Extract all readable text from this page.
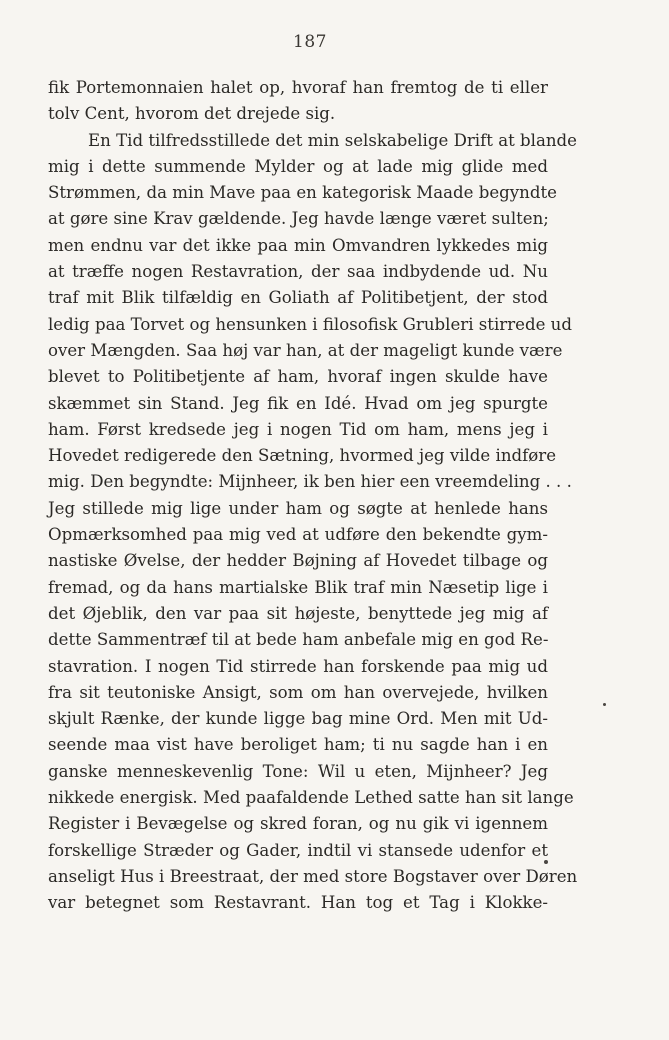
187
fik Portemonnaien halet op, hvoraf han fremtog de ti eller
tolv Cent, hvorom det drejede sig.
En Tid tilfredsstillede det min selskabelige Drift at blande
mig i dette summende Mylder og at lade mig glide med
Strømmen, da min Mave paa en kategorisk Maade begyndte
at gøre sine Krav gældende. Jeg havde længe været sulten;
men endnu var det ikke paa min Omvandren lykkedes mig
at træffe nogen Restavration, der saa indbydende ud. Nu
traf mit Blik tilfældig en Goliath af Politibetjent, der stod
ledig paa Torvet og hensunken i filosofisk Grubleri stirrede ud
over Mængden. Saa høj var han, at der mageligt kunde være
blevet to Politibetjente af ham, hvoraf ingen skulde have
skæmmet sin Stand. Jeg fik en Idé. Hvad om jeg spurgte
ham. Først kredsede jeg i nogen Tid om ham, mens jeg i
Hovedet redigerede den Sætning, hvormed jeg vilde indføre
mig. Den begyndte: Mijnheer, ik ben hier een vreemdeling . . .
Jeg stillede mig lige under ham og søgte at henlede hans
Opmærksomhed paa mig ved at udføre den bekendte gym-
nastiske Øvelse, der hedder Bøjning af Hovedet tilbage og
fremad, og da hans martialske Blik traf min Næsetip lige i
det Øjeblik, den var paa sit højeste, benyttede jeg mig af
dette Sammentræf til at bede ham anbefale mig en god Re-
stavration. I nogen Tid stirrede han forskende paa mig ud
fra sit teutoniske Ansigt, som om han overvejede, hvilken
skjult Rænke, der kunde ligge bag mine Ord. Men mit Ud-
seende maa vist have beroliget ham; ti nu sagde han i en
ganske menneskevenlig Tone: Wil u eten, Mijnheer? Jeg
nikkede energisk. Med paafaldende Lethed satte han sit lange
Register i Bevægelse og skred foran, og nu gik vi igennem
forskellige Stræder og Gader, indtil vi stansede udenfor et
anseligt Hus i Breestraat, der med store Bogstaver over Døren
var betegnet som Restavrant. Han tog et Tag i Klokke-
